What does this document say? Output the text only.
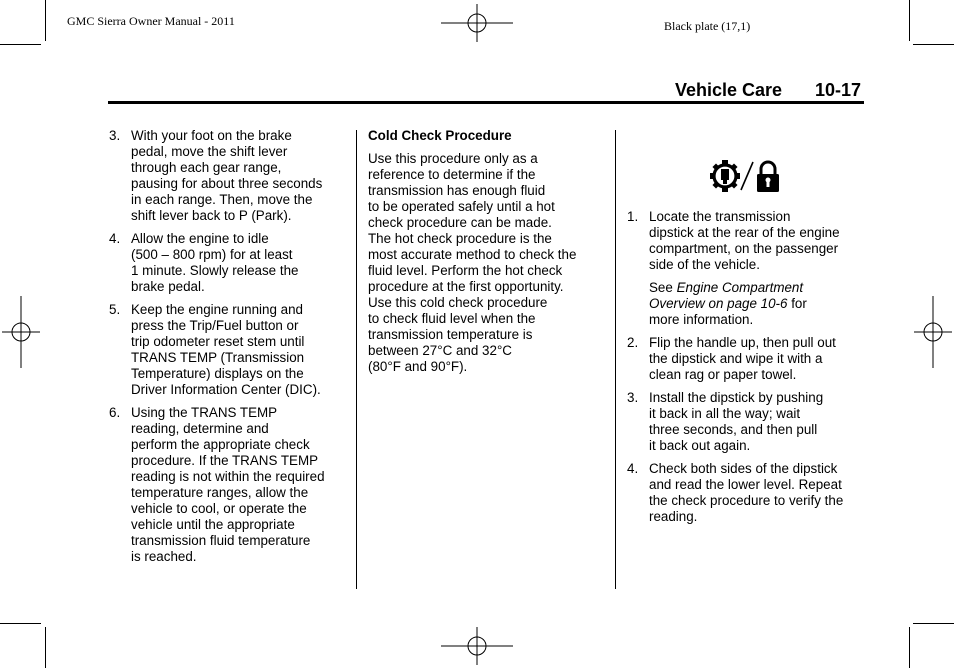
GMC Sierra Owner Manual - 2011	Black plate (17,1)
Vehicle Care 10-17
3. With your foot on the brake
pedal, move the shift lever
through each gear range,
pausing for about three seconds
in each range. Then, move the
shift lever back to P (Park).
4. Allow the engine to idle
(500 – 800 rpm) for at least
1 minute. Slowly release the
brake pedal.
5. Keep the engine running and
press the Trip/Fuel button or
trip odometer reset stem until
TRANS TEMP (Transmission
Temperature) displays on the
Driver Information Center (DIC).
6. Using the TRANS TEMP
reading, determine and
perform the appropriate check
procedure. If the TRANS TEMP
reading is not within the required
temperature ranges, allow the
vehicle to cool, or operate the
vehicle until the appropriate
transmission fluid temperature
is reached.
Cold Check Procedure
Use this procedure only as a
reference to determine if the
transmission has enough fluid
to be operated safely until a hot
check procedure can be made.
The hot check procedure is the
most accurate method to check the
fluid level. Perform the hot check
procedure at the first opportunity.
Use this cold check procedure
to check fluid level when the
transmission temperature is
between 27°C and 32°C
(80°F and 90°F).
1. Locate the transmission
dipstick at the rear of the engine
compartment, on the passenger
side of the vehicle.
See Engine Compartment
Overview on page 10-6 for
more information.
2. Flip the handle up, then pull out
the dipstick and wipe it with a
clean rag or paper towel.
3. Install the dipstick by pushing
it back in all the way; wait
three seconds, and then pull
it back out again.
4. Check both sides of the dipstick
and read the lower level. Repeat
the check procedure to verify the
reading.
